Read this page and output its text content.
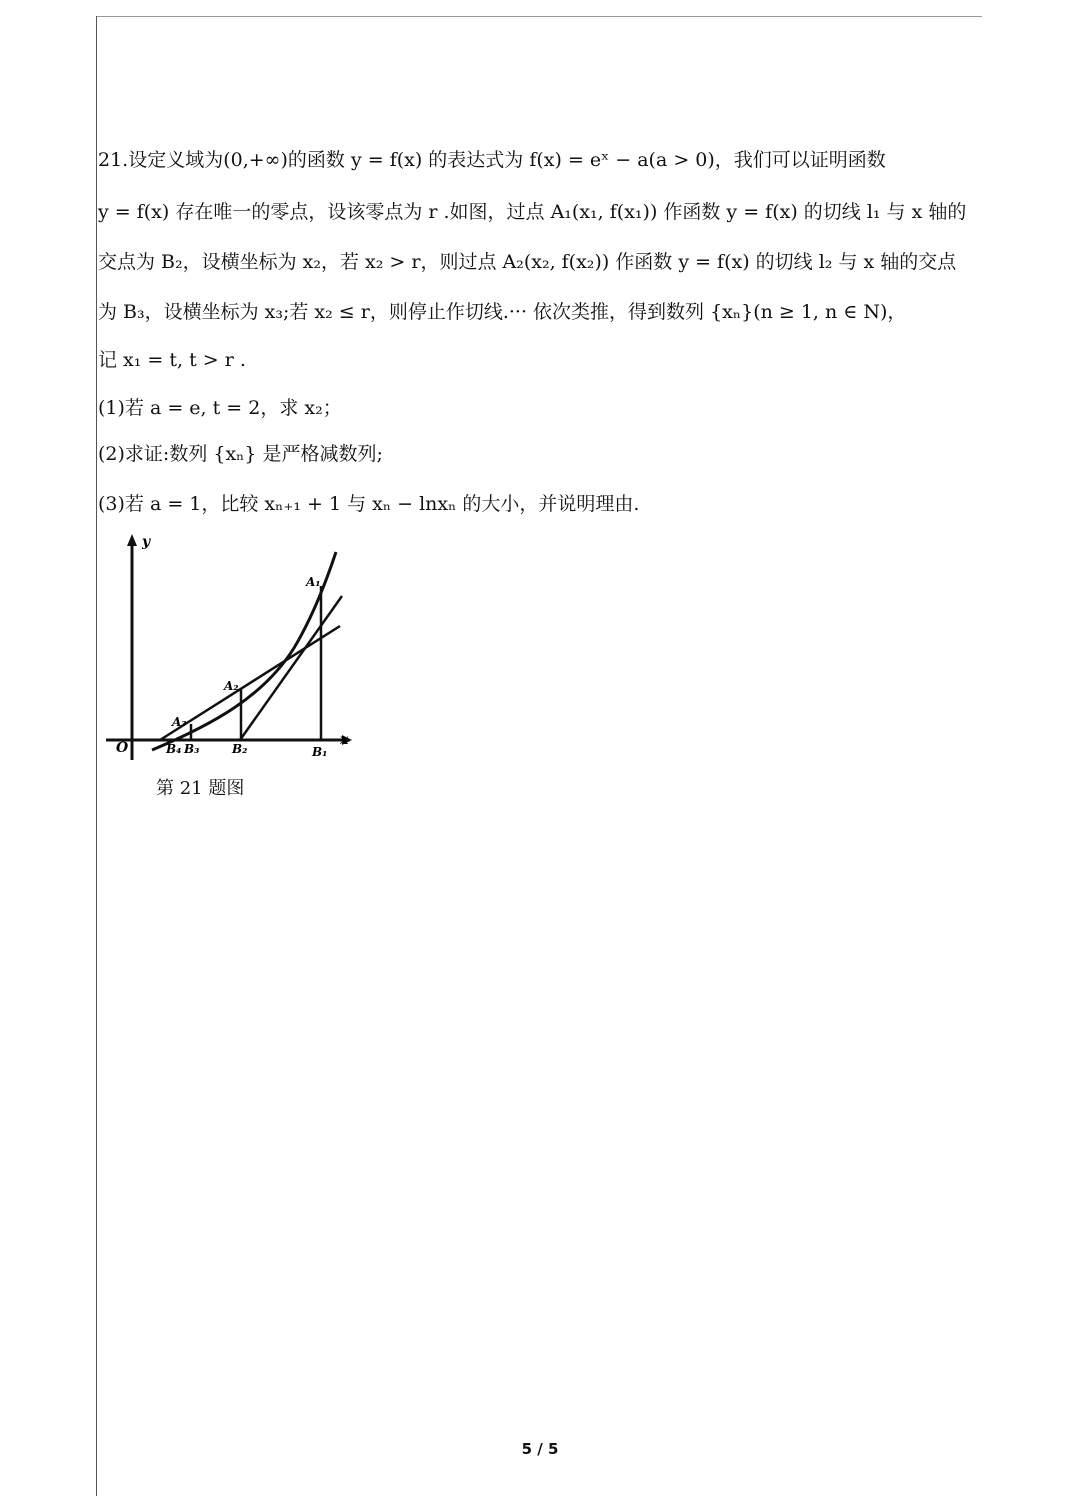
21.设定义域为(0,+∞)的函数 y = f(x) 的表达式为 f(x) = eˣ − a(a > 0)，我们可以证明函数

y = f(x) 存在唯一的零点，设该零点为 r .如图，过点 A₁(x₁, f(x₁)) 作函数 y = f(x) 的切线 l₁ 与 x 轴的

交点为 B₂，设横坐标为 x₂，若 x₂ > r，则过点 A₂(x₂, f(x₂)) 作函数 y = f(x) 的切线 l₂ 与 x 轴的交点

为 B₃，设横坐标为 x₃;若 x₂ ≤ r，则停止作切线.··· 依次类推，得到数列 {xₙ}(n ≥ 1, n ∈ N)，

记 x₁ = t, t > r .

(1)若 a = e, t = 2，求 x₂；

(2)求证:数列 {xₙ} 是严格减数列;

(3)若 a = 1，比较 xₙ₊₁ + 1 与 xₙ − lnxₙ 的大小，并说明理由.

y
x
O
A₁
A₂
A₃
B₁
B₂
B₃
B₄
第 21 题图
5 / 5
